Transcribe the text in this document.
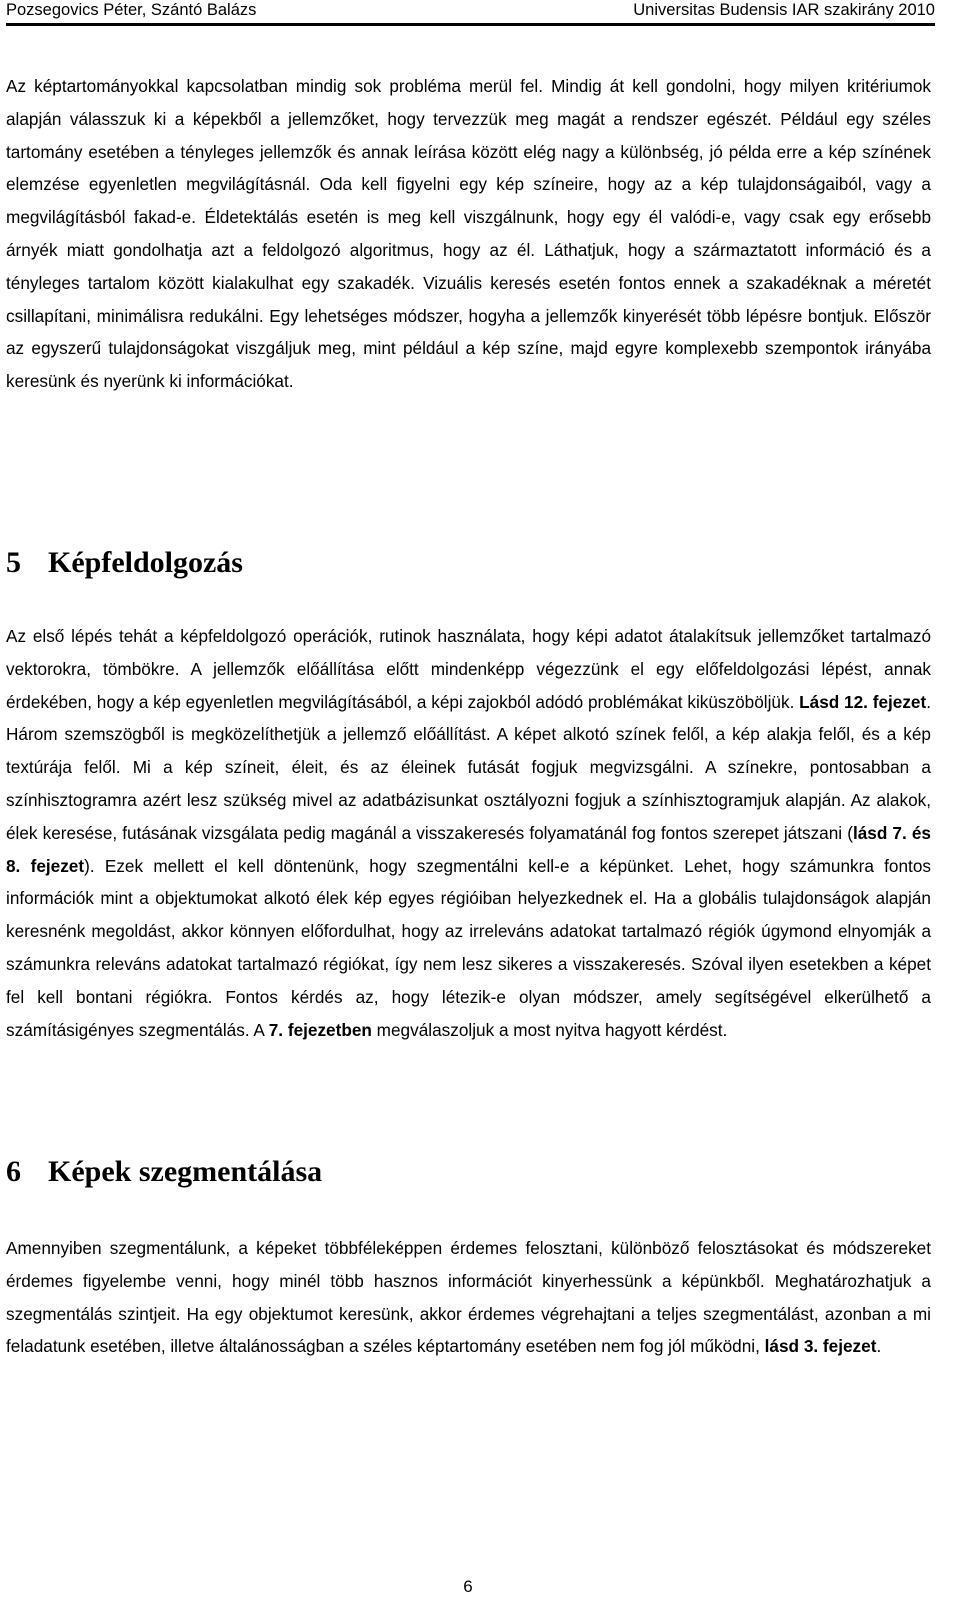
Pozsegovics Péter, Szántó Balázs	Universitas Budensis IAR szakirány 2010

Az képtartományokkal kapcsolatban mindig sok probléma merül fel. Mindig át kell gondolni, hogy milyen kritériumok alapján válasszuk ki a képekből a jellemzőket, hogy tervezzük meg magát a rendszer egészét. Például egy széles tartomány esetében a tényleges jellemzők és annak leírása között elég nagy a különbség, jó példa erre a kép színének elemzése egyenletlen megvilágításnál. Oda kell figyelni egy kép színeire, hogy az a kép tulajdonságaiból, vagy a megvilágításból fakad-e. Éldetektálás esetén is meg kell viszgálnunk, hogy egy él valódi-e, vagy csak egy erősebb árnyék miatt gondolhatja azt a feldolgozó algoritmus, hogy az él. Láthatjuk, hogy a származtatott információ és a tényleges tartalom között kialakulhat egy szakadék. Vizuális keresés esetén fontos ennek a szakadéknak a méretét csillapítani, minimálisra redukálni. Egy lehetséges módszer, hogyha a jellemzők kinyerését több lépésre bontjuk. Először az egyszerű tulajdonságokat viszgáljuk meg, mint például a kép színe, majd egyre komplexebb szempontok irányába keresünk és nyerünk ki információkat.

5 Képfeldolgozás

Az első lépés tehát a képfeldolgozó operációk, rutinok használata, hogy képi adatot átalakítsuk jellemzőket tartalmazó vektorokra, tömbökre. A jellemzők előállítása előtt mindenképp végezzünk el egy előfeldolgozási lépést, annak érdekében, hogy a kép egyenletlen megvilágításából, a képi zajokból adódó problémákat kiküszöböljük. Lásd 12. fejezet. Három szemszögből is megközelíthetjük a jellemző előállítást. A képet alkotó színek felől, a kép alakja felől, és a kép textúrája felől. Mi a kép színeit, éleit, és az éleinek futását fogjuk megvizsgálni. A színekre, pontosabban a színhisztogramra azért lesz szükség mivel az adatbázisunkat osztályozni fogjuk a színhisztogramjuk alapján. Az alakok, élek keresése, futásának vizsgálata pedig magánál a visszakeresés folyamatánál fog fontos szerepet játszani (lásd 7. és 8. fejezet). Ezek mellett el kell döntenünk, hogy szegmentálni kell-e a képünket. Lehet, hogy számunkra fontos információk mint a objektumokat alkotó élek kép egyes régióiban helyezkednek el. Ha a globális tulajdonságok alapján keresnénk megoldást, akkor könnyen előfordulhat, hogy az irreleváns adatokat tartalmazó régiók úgymond elnyomják a számunkra releváns adatokat tartalmazó régiókat, így nem lesz sikeres a visszakeresés. Szóval ilyen esetekben a képet fel kell bontani régiókra. Fontos kérdés az, hogy létezik-e olyan módszer, amely segítségével elkerülhető a számításigényes szegmentálás. A 7. fejezetben megválaszoljuk a most nyitva hagyott kérdést.

6 Képek szegmentálása

Amennyiben szegmentálunk, a képeket többféleképpen érdemes felosztani, különböző felosztásokat és módszereket érdemes figyelembe venni, hogy minél több hasznos információt kinyerhessünk a képünkből. Meghatározhatjuk a szegmentálás szintjeit. Ha egy objektumot keresünk, akkor érdemes végrehajtani a teljes szegmentálást, azonban a mi feladatunk esetében, illetve általánosságban a széles képtartomány esetében nem fog jól működni, lásd 3. fejezet.

6
